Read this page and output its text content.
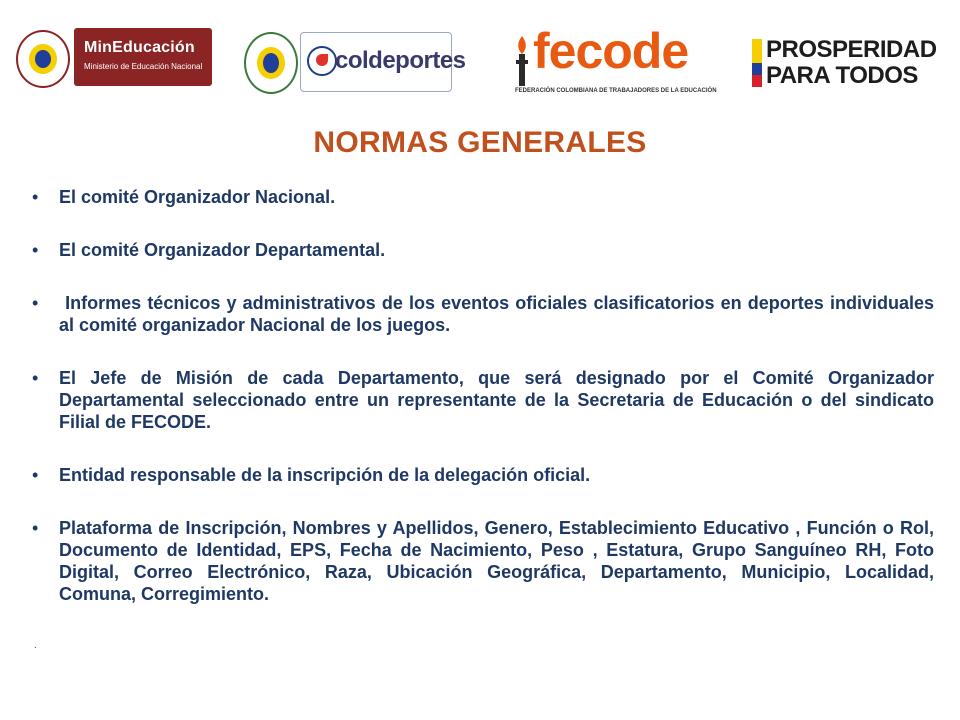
MinEducación
Ministerio de Educación Nacional	coldeportes fecode
FEDERACIÓN COLOMBIANA DE TRABAJADORES DE LA EDUCACIÓN
PROSPERIDAD
PARA TODOS
NORMAS GENERALES
• El comité Organizador Nacional.
• El comité Organizador Departamental.
• Informes técnicos y administrativos de los eventos oficiales clasificatorios en deportes individuales  al comité organizador Nacional de los juegos.
• El Jefe de Misión de cada Departamento, que será designado por el Comité Organizador Departamental seleccionado entre un representante de la Secretaria de Educación o del sindicato Filial de FECODE.
• Entidad responsable de la inscripción de la delegación oficial.
• Plataforma de Inscripción, Nombres y Apellidos, Genero, Establecimiento Educativo , Función o Rol, Documento de Identidad, EPS, Fecha de Nacimiento, Peso , Estatura, Grupo Sanguíneo RH, Foto Digital, Correo Electrónico, Raza, Ubicación Geográfica, Departamento, Municipio, Localidad, Comuna, Corregimiento.
.
